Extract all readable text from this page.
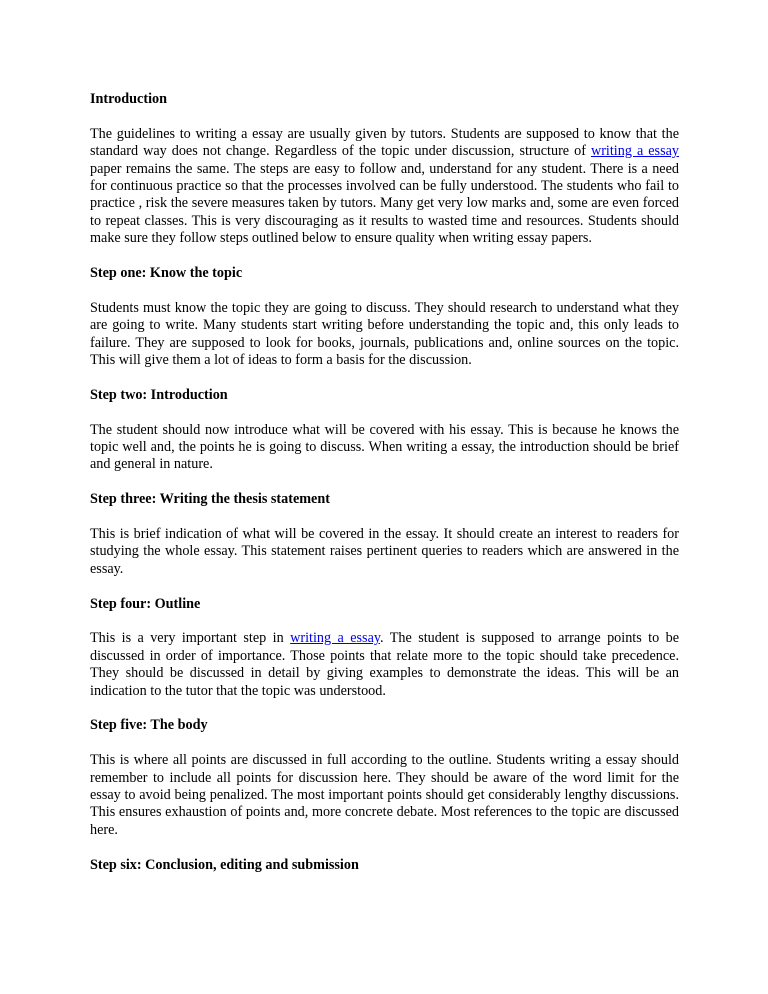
Introduction

The guidelines to writing a essay are usually given by tutors. Students are supposed to know that the standard way does not change. Regardless of the topic under discussion, structure of writing a essay paper remains the same. The steps are easy to follow and, understand for any student. There is a need for continuous practice so that the processes involved can be fully understood. The students who fail to practice , risk the severe measures taken by tutors. Many get very low marks and, some are even forced to repeat classes. This is very discouraging as it results to wasted time and resources. Students should make sure they follow steps outlined below to ensure quality when writing essay papers.

Step one: Know the topic

Students must know the topic they are going to discuss. They should research to understand what they are going to write. Many students start writing before understanding the topic and, this only leads to failure. They are supposed to look for books, journals, publications and, online sources on the topic. This will give them a lot of ideas to form a basis for the discussion.

Step two: Introduction

The student should now introduce what will be covered with his essay. This is because he knows the topic well and, the points he is going to discuss. When writing a essay, the introduction should be brief and general in nature.

Step three: Writing the thesis statement

This is brief indication of what will be covered in the essay. It should create an interest to readers for studying the whole essay. This statement raises pertinent queries to readers which are answered in the essay.

Step four: Outline

This is a very important step in writing a essay. The student is supposed to arrange points to be discussed in order of importance. Those points that relate more to the topic should take precedence. They should be discussed in detail by giving examples to demonstrate the ideas. This will be an indication to the tutor that the topic was understood.

Step five: The body

This is where all points are discussed in full according to the outline. Students writing a essay should remember to include all points for discussion here. They should be aware of the word limit for the essay to avoid being penalized. The most important points should get considerably lengthy discussions. This ensures exhaustion of points and, more concrete debate. Most references to the topic are discussed here.

Step six: Conclusion, editing and submission
